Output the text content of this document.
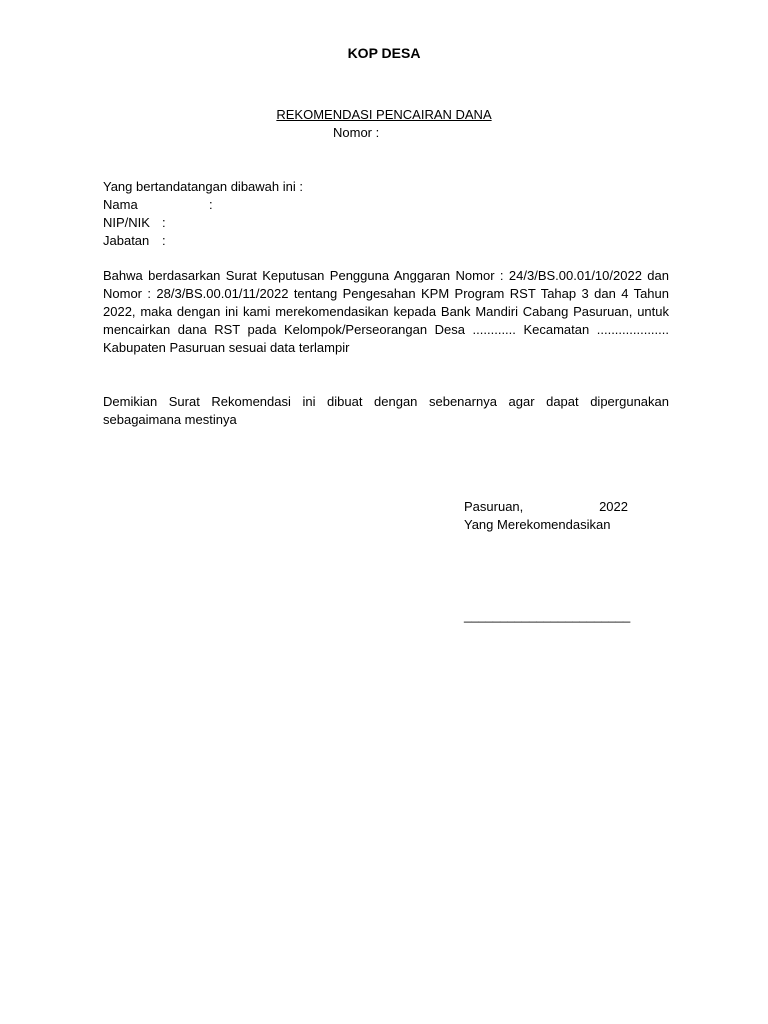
KOP DESA
REKOMENDASI PENCAIRAN DANA
Nomor :
Yang bertandatangan dibawah ini :
Nama	:
NIP/NIK :
Jabatan :
Bahwa berdasarkan Surat Keputusan Pengguna Anggaran Nomor : 24/3/BS.00.01/10/2022 dan Nomor : 28/3/BS.00.01/11/2022 tentang Pengesahan KPM Program RST Tahap 3 dan 4 Tahun 2022, maka dengan ini kami merekomendasikan kepada Bank Mandiri Cabang Pasuruan, untuk mencairkan dana RST pada Kelompok/Perseorangan Desa ............ Kecamatan .................... Kabupaten Pasuruan sesuai data terlampir
Demikian Surat Rekomendasi ini dibuat dengan sebenarnya agar dapat dipergunakan sebagaimana mestinya
Pasuruan,	2022
Yang Merekomendasikan
_______________________
